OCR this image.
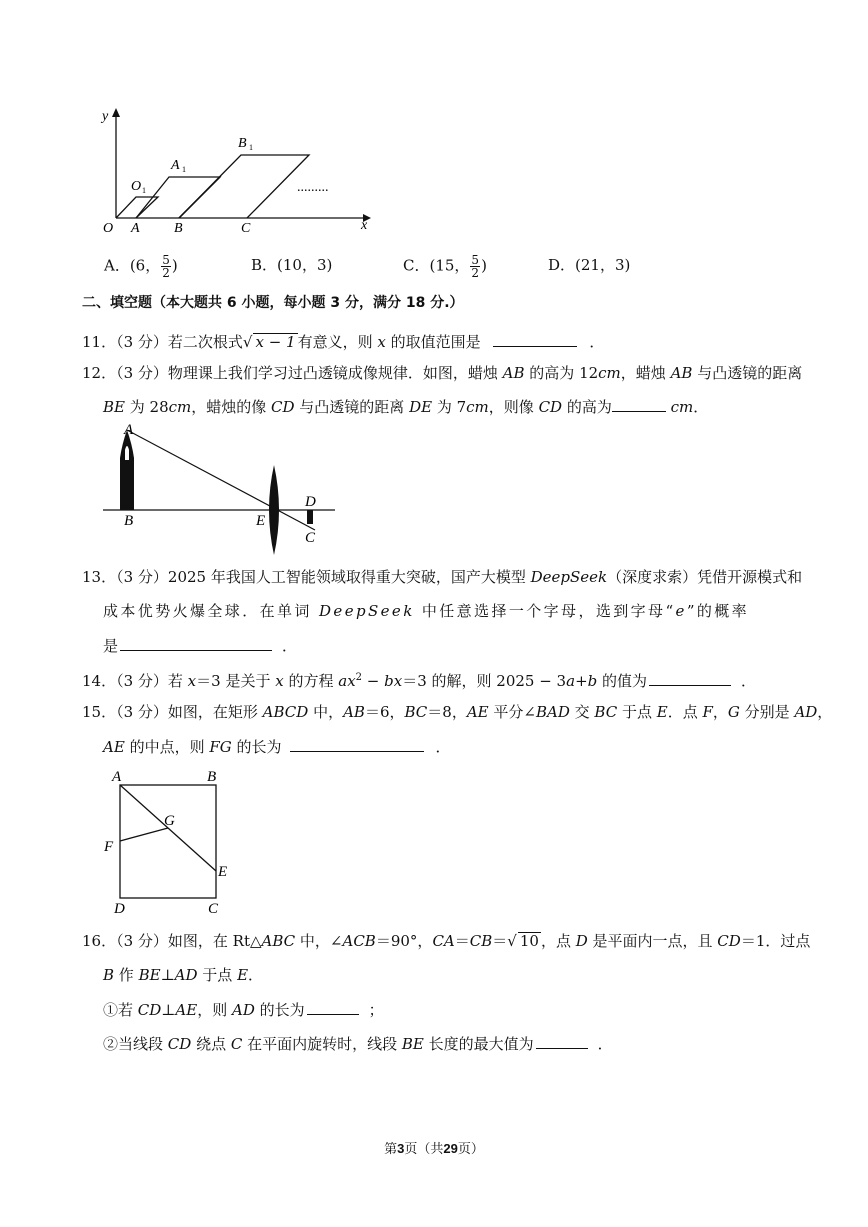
y
x
O A B	C
O 1
A 1
B 1
.........
A．(6， $\frac{5}{2}$ )	B．(10，3)	C．(15， $\frac{5}{2}$ )	D．(21，3)
二、填空题（本大题共 6 小题，每小题 3 分，满分 18 分.）
11．（3 分）若二次根式√ x − 1 有意义，则 x 的取值范围是	．
12．（3 分）物理课上我们学习过凸透镜成像规律．如图，蜡烛 AB 的高为 12cm，蜡烛 AB 与凸透镜的距离
BE 为 28cm，蜡烛的像 CD 与凸透镜的距离 DE 为 7cm，则像 CD 的高为	cm．
A
B	E
D
C
13．（3 分）2025 年我国人工智能领域取得重大突破，国产大模型 DeepSeek（深度求索）凭借开源模式和
成本优势火爆全球．在单词 DeepSeek 中任意选择一个字母，选到字母“e”的概率
是	．
14．（3 分）若 x＝3 是关于 x 的方程 $ax^2 - bx=3$ 的解，则 2025 − 3a+b 的值为	．
15．（3 分）如图，在矩形 ABCD 中，AB＝6，BC＝8，AE 平分∠BAD 交 BC 于点 E．点 F，G 分别是 AD，
AE 的中点，则 FG 的长为	．
A	B
G
F
E
D	C
16．（3 分）如图，在 Rt△ABC 中，∠ACB＝90°，CA＝CB＝√ 10 ，点 D 是平面内一点，且 CD＝1．过点
B 作 BE⊥AD 于点 E．
①若 CD⊥AE，则 AD 的长为	；
②当线段 CD 绕点 C 在平面内旋转时，线段 BE 长度的最大值为	．
第3页（共29页）
